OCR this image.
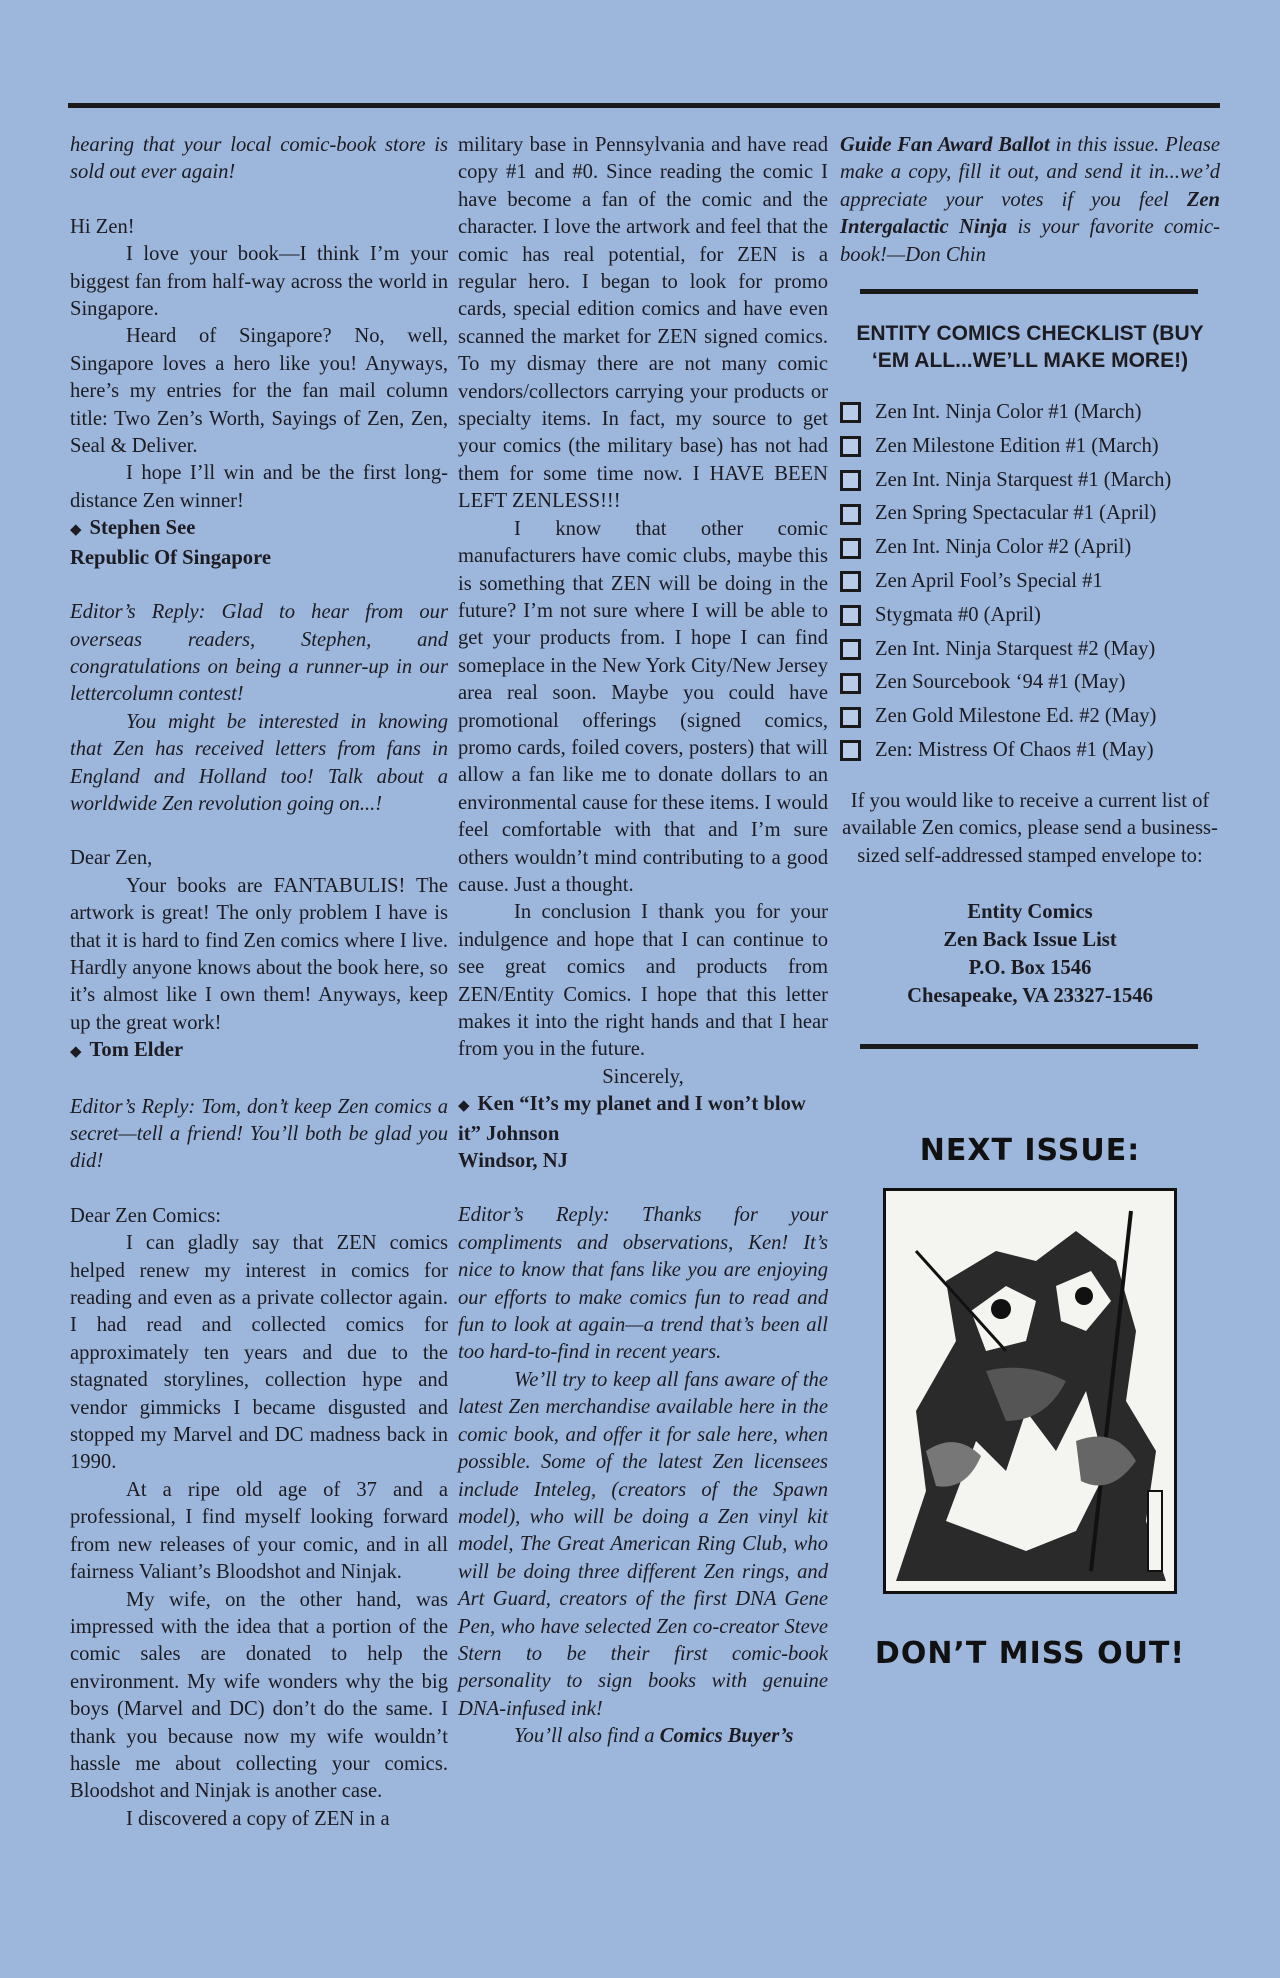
hearing that your local comic-book store is sold out ever again!

Hi Zen!

I love your book—I think I’m your biggest fan from half-way across the world in Singapore.

Heard of Singapore? No, well, Singapore loves a hero like you! Anyways, here’s my entries for the fan mail column title: Two Zen’s Worth, Sayings of Zen, Zen, Seal & Deliver.

I hope I’ll win and be the first long-distance Zen winner!

◆ Stephen See

Republic Of Singapore

Editor’s Reply: Glad to hear from our overseas readers, Stephen, and congratulations on being a runner-up in our lettercolumn contest!

You might be interested in knowing that Zen has received letters from fans in England and Holland too! Talk about a worldwide Zen revolution going on...!

Dear Zen,

Your books are FANTABULIS! The artwork is great! The only problem I have is that it is hard to find Zen comics where I live. Hardly anyone knows about the book here, so it’s almost like I own them! Anyways, keep up the great work!

◆ Tom Elder

Editor’s Reply: Tom, don’t keep Zen comics a secret—tell a friend! You’ll both be glad you did!

Dear Zen Comics:

I can gladly say that ZEN comics helped renew my interest in comics for reading and even as a private collector again. I had read and collected comics for approximately ten years and due to the stagnated storylines, collection hype and vendor gimmicks I became disgusted and stopped my Marvel and DC madness back in 1990.

At a ripe old age of 37 and a professional, I find myself looking forward from new releases of your comic, and in all fairness Valiant’s Bloodshot and Ninjak.

My wife, on the other hand, was impressed with the idea that a portion of the comic sales are donated to help the environment. My wife wonders why the big boys (Marvel and DC) don’t do the same. I thank you because now my wife wouldn’t hassle me about collecting your comics. Bloodshot and Ninjak is another case.

I discovered a copy of ZEN in a

military base in Pennsylvania and have read copy #1 and #0. Since reading the comic I have become a fan of the comic and the character. I love the artwork and feel that the comic has real potential, for ZEN is a regular hero. I began to look for promo cards, special edition comics and have even scanned the market for ZEN signed comics. To my dismay there are not many comic vendors/collectors carrying your products or specialty items. In fact, my source to get your comics (the military base) has not had them for some time now. I HAVE BEEN LEFT ZENLESS!!!

I know that other comic manufacturers have comic clubs, maybe this is something that ZEN will be doing in the future? I’m not sure where I will be able to get your products from. I hope I can find someplace in the New York City/New Jersey area real soon. Maybe you could have promotional offerings (signed comics, promo cards, foiled covers, posters) that will allow a fan like me to donate dollars to an environmental cause for these items. I would feel comfortable with that and I’m sure others wouldn’t mind contributing to a good cause. Just a thought.

In conclusion I thank you for your indulgence and hope that I can continue to see great comics and products from ZEN/Entity Comics. I hope that this letter makes it into the right hands and that I hear from you in the future.

Sincerely,

◆ Ken “It’s my planet and I won’t blow it” Johnson

Windsor, NJ

Editor’s Reply: Thanks for your compliments and observations, Ken! It’s nice to know that fans like you are enjoying our efforts to make comics fun to read and fun to look at again—a trend that’s been all too hard-to-find in recent years.

We’ll try to keep all fans aware of the latest Zen merchandise available here in the comic book, and offer it for sale here, when possible. Some of the latest Zen licensees include Inteleg, (creators of the Spawn model), who will be doing a Zen vinyl kit model, The Great American Ring Club, who will be doing three different Zen rings, and Art Guard, creators of the first DNA Gene Pen, who have selected Zen co-creator Steve Stern to be their first comic-book personality to sign books with genuine DNA-infused ink!

You’ll also find a Comics Buyer’s

Guide Fan Award Ballot in this issue. Please make a copy, fill it out, and send it in...we’d appreciate your votes if you feel Zen Intergalactic Ninja is your favorite comic-book!—Don Chin

ENTITY COMICS CHECKLIST (BUY ‘EM ALL...WE’LL MAKE MORE!)
Zen Int. Ninja Color #1 (March)
Zen Milestone Edition #1 (March)
Zen Int. Ninja Starquest #1 (March)
Zen Spring Spectacular #1 (April)
Zen Int. Ninja Color #2 (April)
Zen April Fool’s Special #1
Stygmata #0 (April)
Zen Int. Ninja Starquest #2 (May)
Zen Sourcebook ‘94 #1 (May)
Zen Gold Milestone Ed. #2 (May)
Zen: Mistress Of Chaos #1 (May)

If you would like to receive a current list of available Zen comics, please send a business-sized self-addressed stamped envelope to:

Entity Comics
Zen Back Issue List
P.O. Box 1546
Chesapeake, VA 23327-1546
NEXT ISSUE:
DON’T MISS OUT!
